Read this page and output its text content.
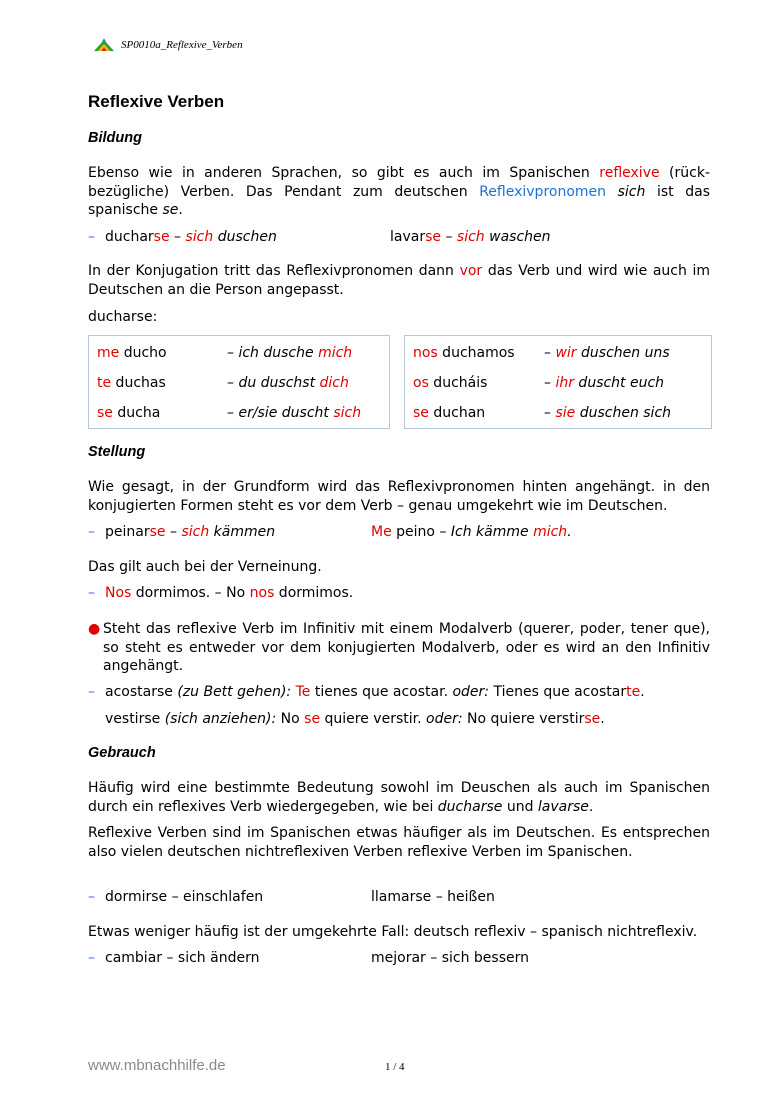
SP0010a_Reflexive_Verben
Reflexive Verben
Bildung

Ebenso wie in anderen Sprachen, so gibt es auch im Spanischen reflexive (rück-bezügliche) Verben. Das Pendant zum deutschen Reflexivpronomen sich ist das spanische se.

– ducharse – sich duschen	lavarse – sich waschen

In der Konjugation tritt das Reflexivpronomen dann vor das Verb und wird wie auch im Deutschen an die Person angepasst.

ducharse:

me ducho	– ich dusche mich
te duchas	– du duschst dich
se ducha	– er/sie duscht sich
nos duchamos – wir duschen uns
os ducháis	– ihr duscht euch
se duchan	– sie duschen sich
Stellung

Wie gesagt, in der Grundform wird das Reflexivpronomen hinten angehängt. in den konjugierten Formen steht es vor dem Verb – genau umgekehrt wie im Deutschen.

– peinarse – sich kämmen	Me peino – Ich kämme mich.

Das gilt auch bei der Verneinung.

– Nos dormimos. – No nos dormimos.
● Steht das reflexive Verb im Infinitiv mit einem Modalverb (querer, poder, tener que), so steht es entweder vor dem konjugierten Modalverb, oder es wird an den Infinitiv angehängt.

– acostarse (zu Bett gehen): Te tienes que acostar. oder: Tienes que acostarte.
vestirse (sich anziehen): No se quiere verstir. oder: No quiere verstirse.
Gebrauch

Häufig wird eine bestimmte Bedeutung sowohl im Deuschen als auch im Spanischen durch ein reflexives Verb wiedergegeben, wie bei ducharse und lavarse.

Reflexive Verben sind im Spanischen etwas häufiger als im Deutschen. Es entsprechen also vielen deutschen nichtreflexiven Verben reflexive Verben im Spanischen.

– dormirse – einschlafen	llamarse – heißen

Etwas weniger häufig ist der umgekehrte Fall: deutsch reflexiv – spanisch nichtreflexiv.

– cambiar – sich ändern	mejorar – sich bessern
www.mbnachhilfe.de	1 / 4
